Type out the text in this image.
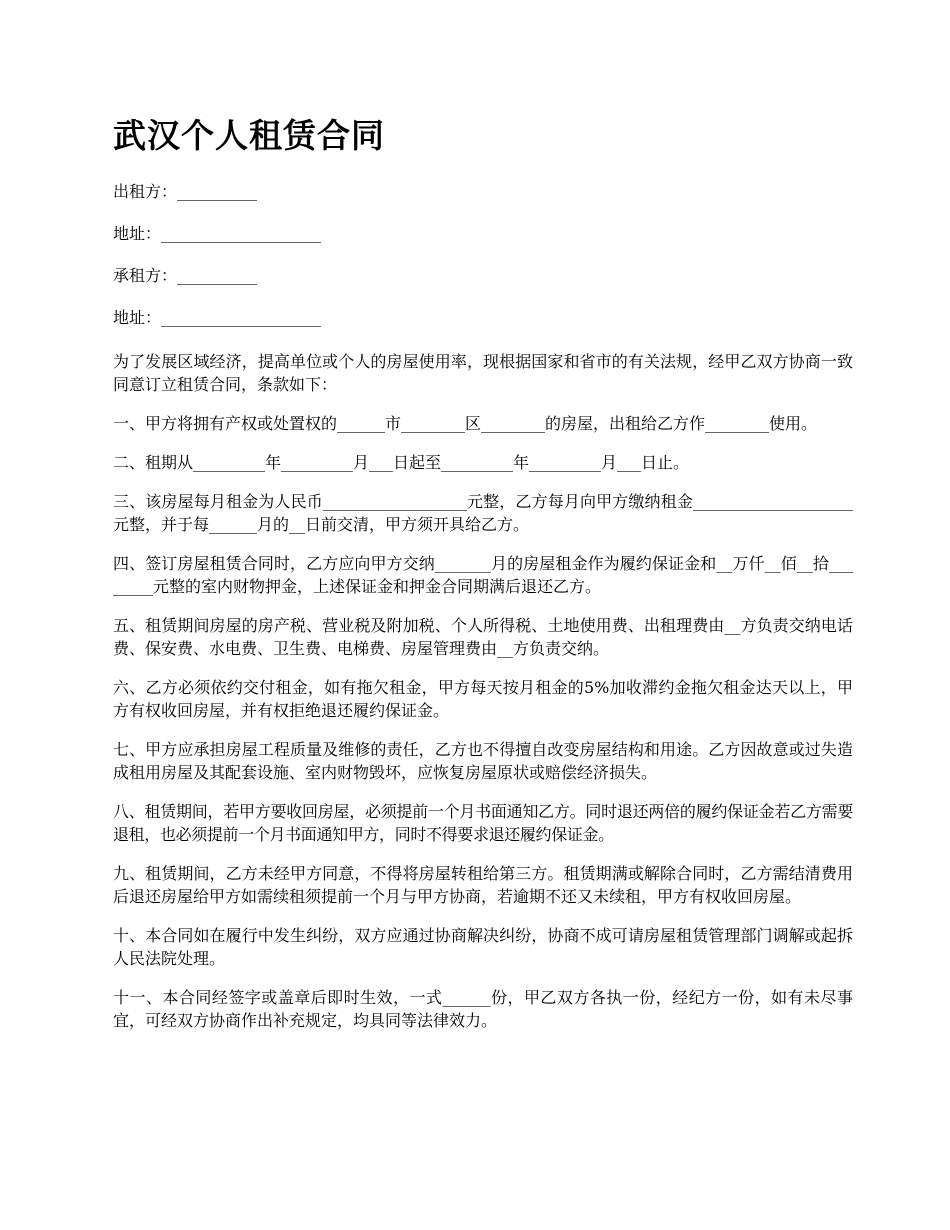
武汉个人租赁合同
出租方：__________
地址：____________________
承租方：__________
地址：____________________

为了发展区域经济，提高单位或个人的房屋使用率，现根据国家和省市的有关法规，经甲乙双方协商一致同意订立租赁合同，条款如下：

一、甲方将拥有产权或处置权的______市________区________的房屋，出租给乙方作________使用。

二、租期从_________年_________月___日起至_________年_________月___日止。

三、该房屋每月租金为人民币__________________元整，乙方每月向甲方缴纳租金____________________元整，并于每______月的__日前交清，甲方须开具给乙方。

四、签订房屋租赁合同时，乙方应向甲方交纳_______月的房屋租金作为履约保证金和__万仟__佰__拾________元整的室内财物押金，上述保证金和押金合同期满后退还乙方。

五、租赁期间房屋的房产税、营业税及附加税、个人所得税、土地使用费、出租理费由__方负责交纳电话费、保安费、水电费、卫生费、电梯费、房屋管理费由__方负责交纳。

六、乙方必须依约交付租金，如有拖欠租金，甲方每天按月租金的5%加收滞约金拖欠租金达天以上，甲方有权收回房屋，并有权拒绝退还履约保证金。

七、甲方应承担房屋工程质量及维修的责任，乙方也不得擅自改变房屋结构和用途。乙方因故意或过失造成租用房屋及其配套设施、室内财物毁坏，应恢复房屋原状或赔偿经济损失。

八、租赁期间，若甲方要收回房屋，必须提前一个月书面通知乙方。同时退还两倍的履约保证金若乙方需要退租，也必须提前一个月书面通知甲方，同时不得要求退还履约保证金。

九、租赁期间，乙方未经甲方同意，不得将房屋转租给第三方。租赁期满或解除合同时，乙方需结清费用后退还房屋给甲方如需续租须提前一个月与甲方协商，若逾期不还又未续租，甲方有权收回房屋。

十、本合同如在履行中发生纠纷，双方应通过协商解决纠纷，协商不成可请房屋租赁管理部门调解或起拆人民法院处理。

十一、本合同经签字或盖章后即时生效，一式______份，甲乙双方各执一份，经纪方一份，如有未尽事宜，可经双方协商作出补充规定，均具同等法律效力。
